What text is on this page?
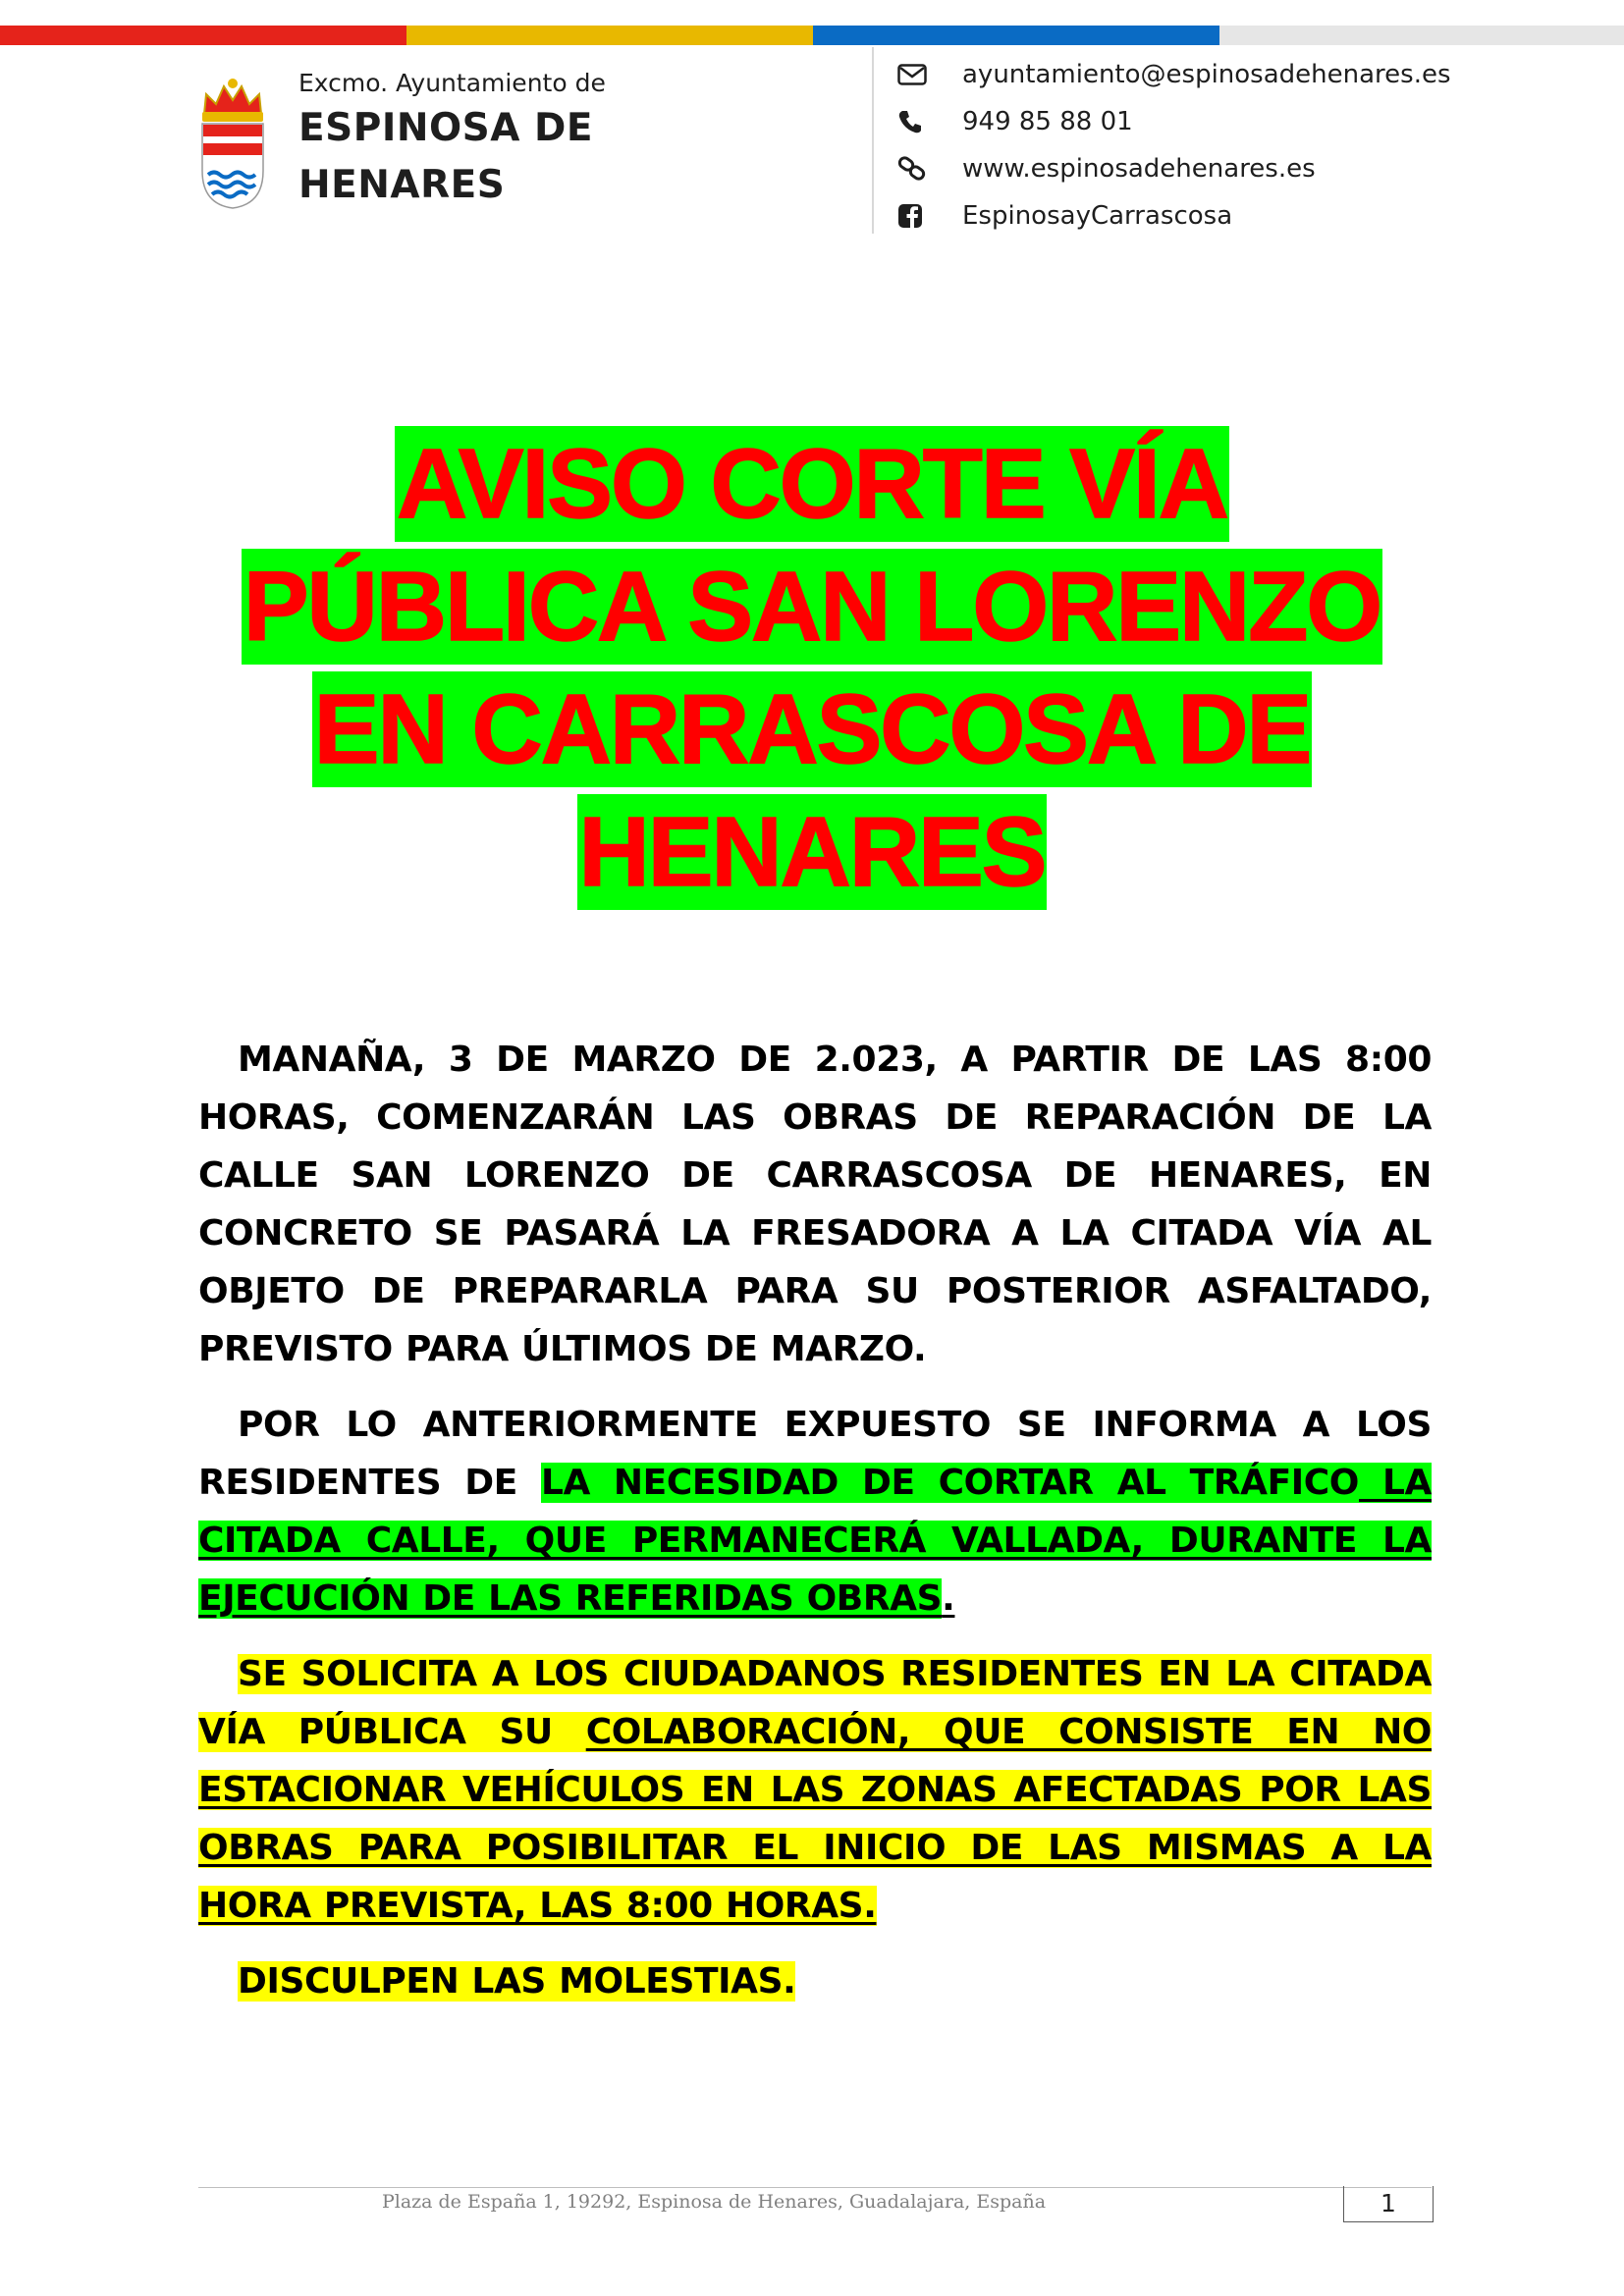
Excmo. Ayuntamiento de
ESPINOSA DE
HENARES
ayuntamiento@espinosadehenares.es
949 85 88 01
www.espinosadehenares.es
EspinosayCarrascosa
AVISO CORTE VÍA
PÚBLICA SAN LORENZO
EN CARRASCOSA DE
HENARES

MANAÑA, 3 DE MARZO DE 2.023, A PARTIR DE LAS 8:00 HORAS, COMENZARÁN LAS OBRAS DE REPARACIÓN DE LA CALLE SAN LORENZO DE CARRASCOSA DE HENARES, EN CONCRETO SE PASARÁ LA FRESADORA A LA CITADA VÍA AL OBJETO DE PREPARARLA PARA SU POSTERIOR ASFALTADO, PREVISTO PARA ÚLTIMOS DE MARZO.

POR LO ANTERIORMENTE EXPUESTO SE INFORMA A LOS RESIDENTES DE LA NECESIDAD DE CORTAR AL TRÁFICO LA CITADA CALLE, QUE PERMANECERÁ VALLADA, DURANTE LA EJECUCIÓN DE LAS REFERIDAS OBRAS.

SE SOLICITA A LOS CIUDADANOS RESIDENTES EN LA CITADA VÍA PÚBLICA SU COLABORACIÓN, QUE CONSISTE EN NO ESTACIONAR VEHÍCULOS EN LAS ZONAS AFECTADAS POR LAS OBRAS PARA POSIBILITAR EL INICIO DE LAS MISMAS A LA HORA PREVISTA, LAS 8:00 HORAS.

DISCULPEN LAS MOLESTIAS.

Plaza de España 1, 19292, Espinosa de Henares, Guadalajara, España	1
